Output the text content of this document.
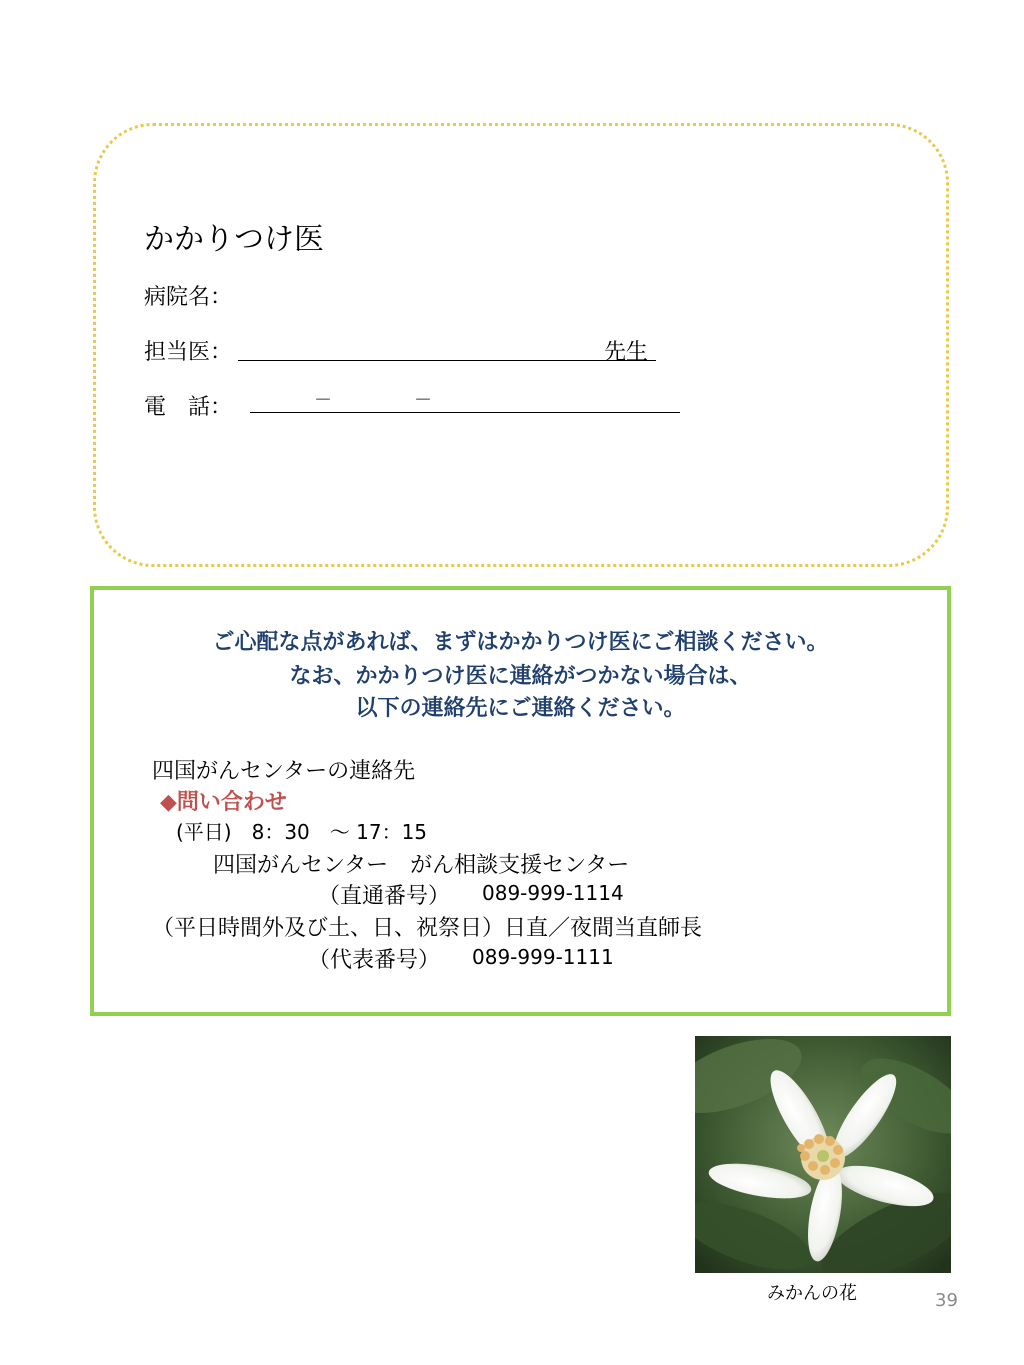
かかりつけ医
病院名：
担当医：	先生
電　話：	－	－
ご心配な点があれば、まずはかかりつけ医にご相談ください。
なお、かかりつけ医に連絡がつかない場合は、
以下の連絡先にご連絡ください。
四国がんセンターの連絡先
◆問い合わせ
(平日)　8：30　～ 17：15
四国がんセンター　がん相談支援センター
（直通番号） 089-999-1114
（平日時間外及び土、日、祝祭日）日直／夜間当直師長
（代表番号） 089-999-1111
みかんの花	39
